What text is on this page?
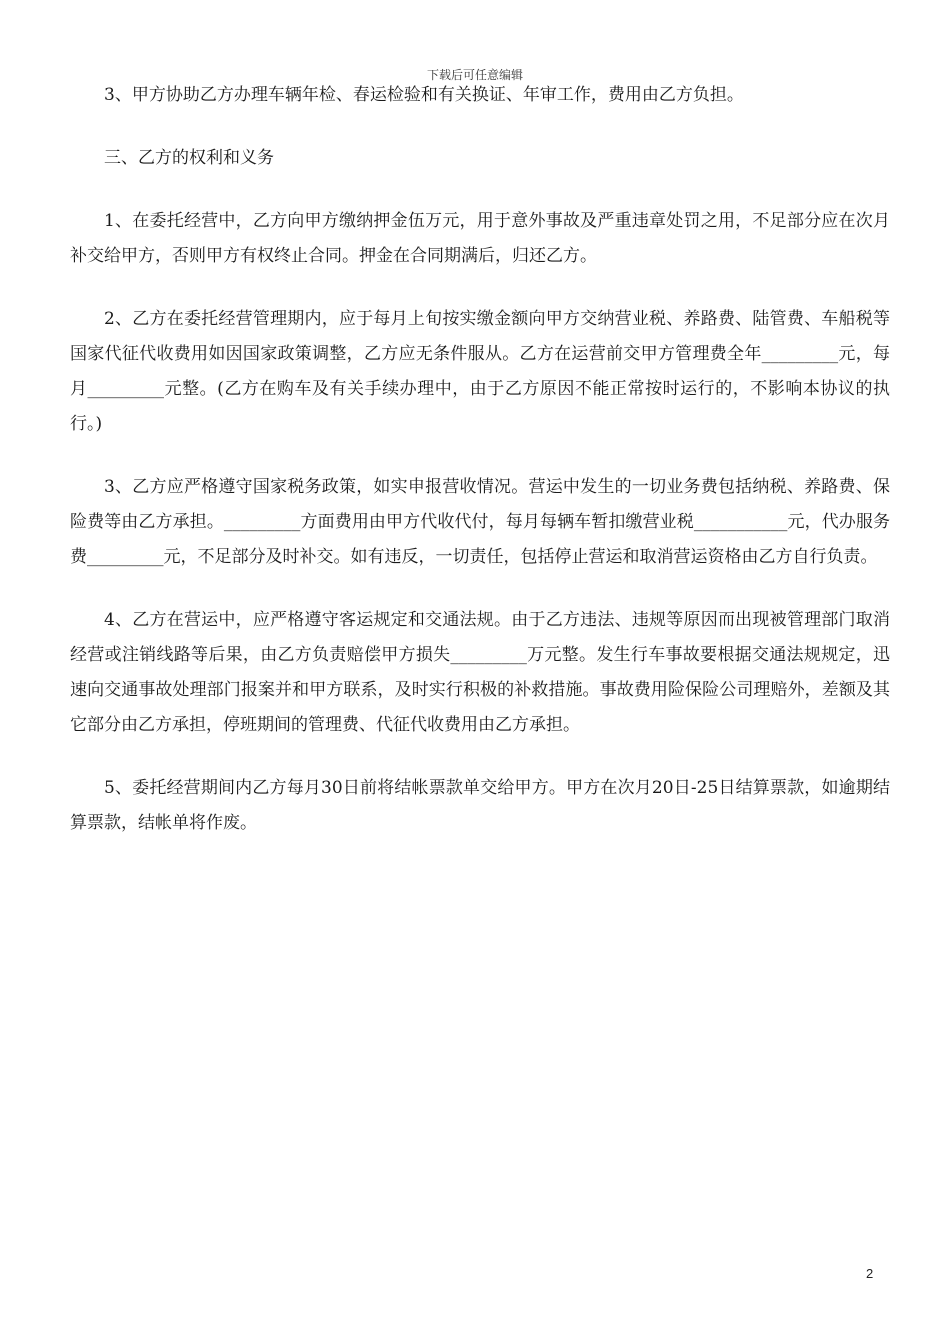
下载后可任意编辑

3、甲方协助乙方办理车辆年检、春运检验和有关换证、年审工作，费用由乙方负担。

三、乙方的权利和义务

1、在委托经营中，乙方向甲方缴纳押金伍万元，用于意外事故及严重违章处罚之用，不足部分应在次月补交给甲方，否则甲方有权终止合同。押金在合同期满后，归还乙方。

2、乙方在委托经营管理期内，应于每月上旬按实缴金额向甲方交纳营业税、养路费、陆管费、车船税等国家代征代收费用如因国家政策调整，乙方应无条件服从。乙方在运营前交甲方管理费全年_________元，每月_________元整。(乙方在购车及有关手续办理中，由于乙方原因不能正常按时运行的，不影响本协议的执行。)

3、乙方应严格遵守国家税务政策，如实申报营收情况。营运中发生的一切业务费包括纳税、养路费、保险费等由乙方承担。_________方面费用由甲方代收代付，每月每辆车暂扣缴营业税___________元，代办服务费_________元，不足部分及时补交。如有违反，一切责任，包括停止营运和取消营运资格由乙方自行负责。

4、乙方在营运中，应严格遵守客运规定和交通法规。由于乙方违法、违规等原因而出现被管理部门取消经营或注销线路等后果，由乙方负责赔偿甲方损失_________万元整。发生行车事故要根据交通法规规定，迅速向交通事故处理部门报案并和甲方联系，及时实行积极的补救措施。事故费用险保险公司理赔外，差额及其它部分由乙方承担，停班期间的管理费、代征代收费用由乙方承担。

5、委托经营期间内乙方每月30日前将结帐票款单交给甲方。甲方在次月20日-25日结算票款，如逾期结算票款，结帐单将作废。

2
